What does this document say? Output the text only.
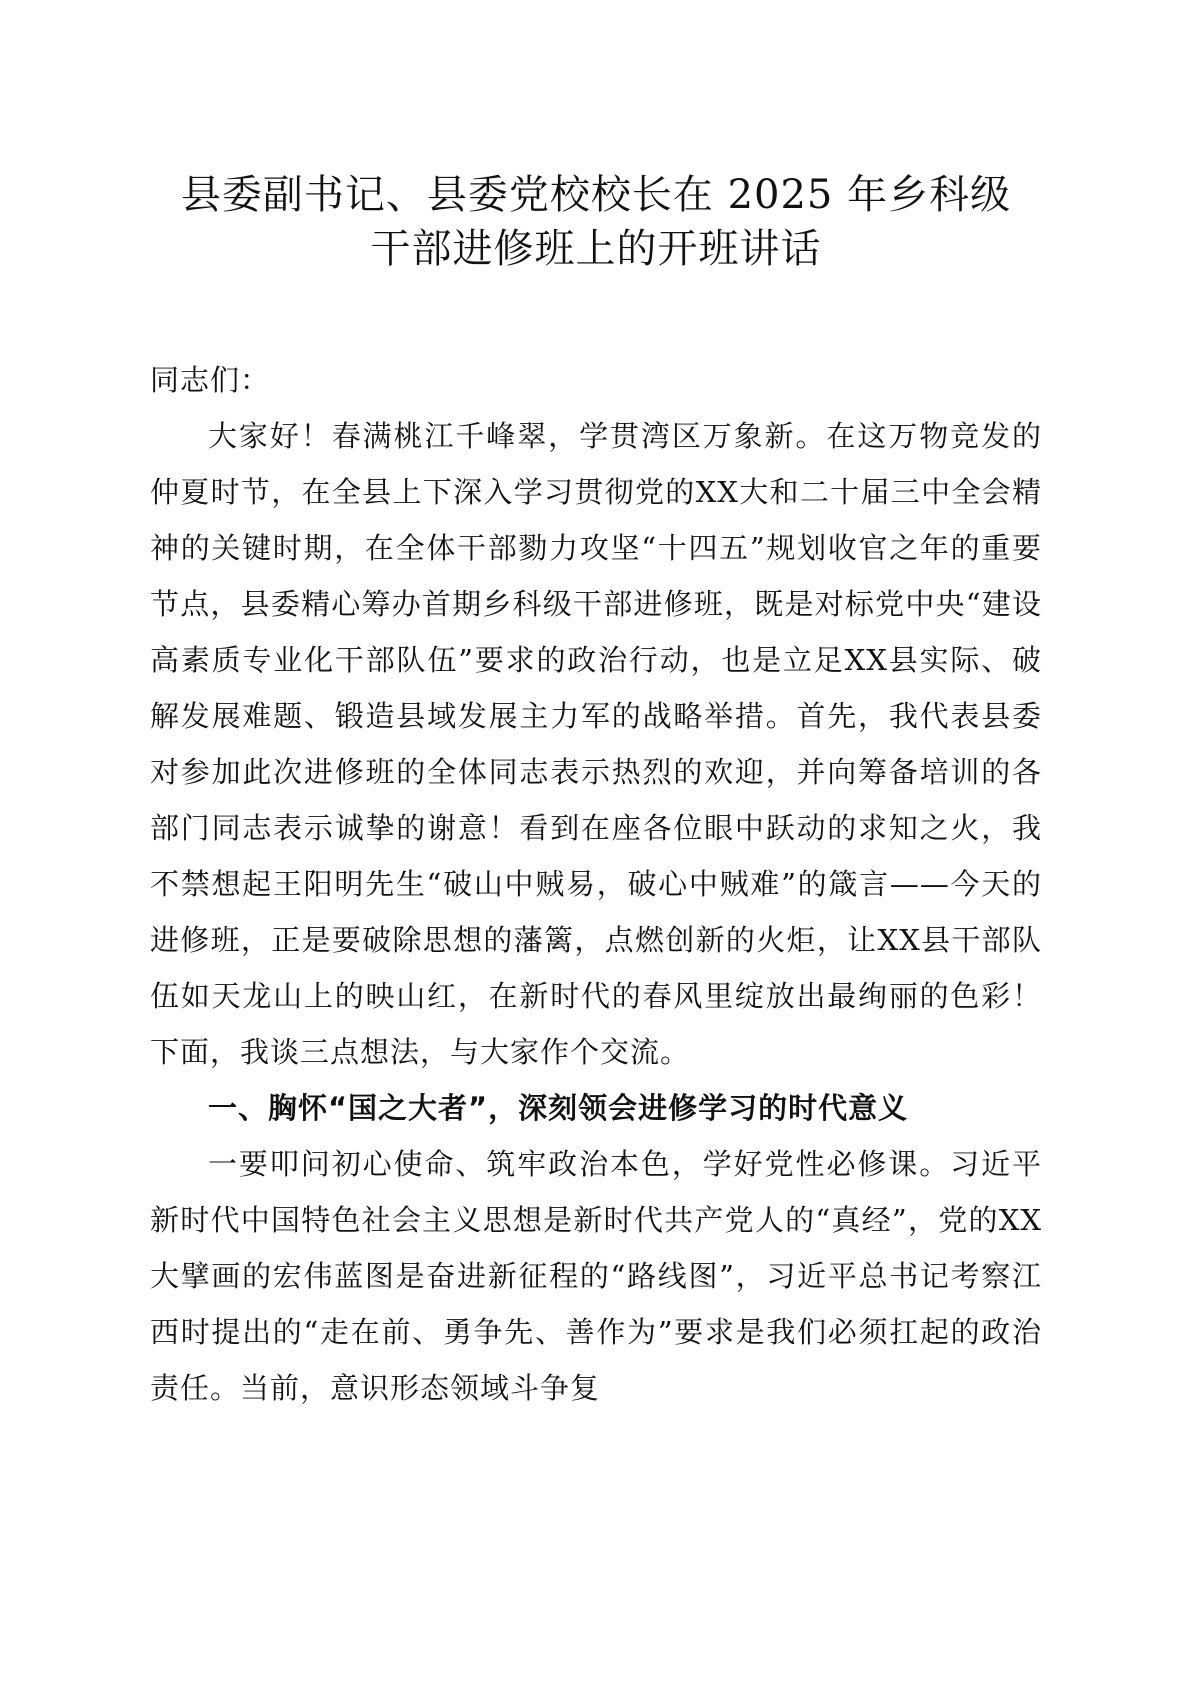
县委副书记、县委党校校长在 2025 年乡科级
干部进修班上的开班讲话

同志们：

大家好！春满桃江千峰翠，学贯湾区万象新。在这万物竞发的仲夏时节，在全县上下深入学习贯彻党的XX大和二十届三中全会精神的关键时期，在全体干部勠力攻坚“十四五”规划收官之年的重要节点，县委精心筹办首期乡科级干部进修班，既是对标党中央“建设高素质专业化干部队伍”要求的政治行动，也是立足XX县实际、破解发展难题、锻造县域发展主力军的战略举措。首先，我代表县委对参加此次进修班的全体同志表示热烈的欢迎，并向筹备培训的各部门同志表示诚挚的谢意！看到在座各位眼中跃动的求知之火，我不禁想起王阳明先生“破山中贼易，破心中贼难”的箴言——今天的进修班，正是要破除思想的藩篱，点燃创新的火炬，让XX县干部队伍如天龙山上的映山红，在新时代的春风里绽放出最绚丽的色彩！下面，我谈三点想法，与大家作个交流。

一、胸怀“国之大者”，深刻领会进修学习的时代意义

一要叩问初心使命、筑牢政治本色，学好党性必修课。习近平新时代中国特色社会主义思想是新时代共产党人的“真经”，党的XX大擘画的宏伟蓝图是奋进新征程的“路线图”，习近平总书记考察江西时提出的“走在前、勇争先、善作为”要求是我们必须扛起的政治责任。当前，意识形态领域斗争复
